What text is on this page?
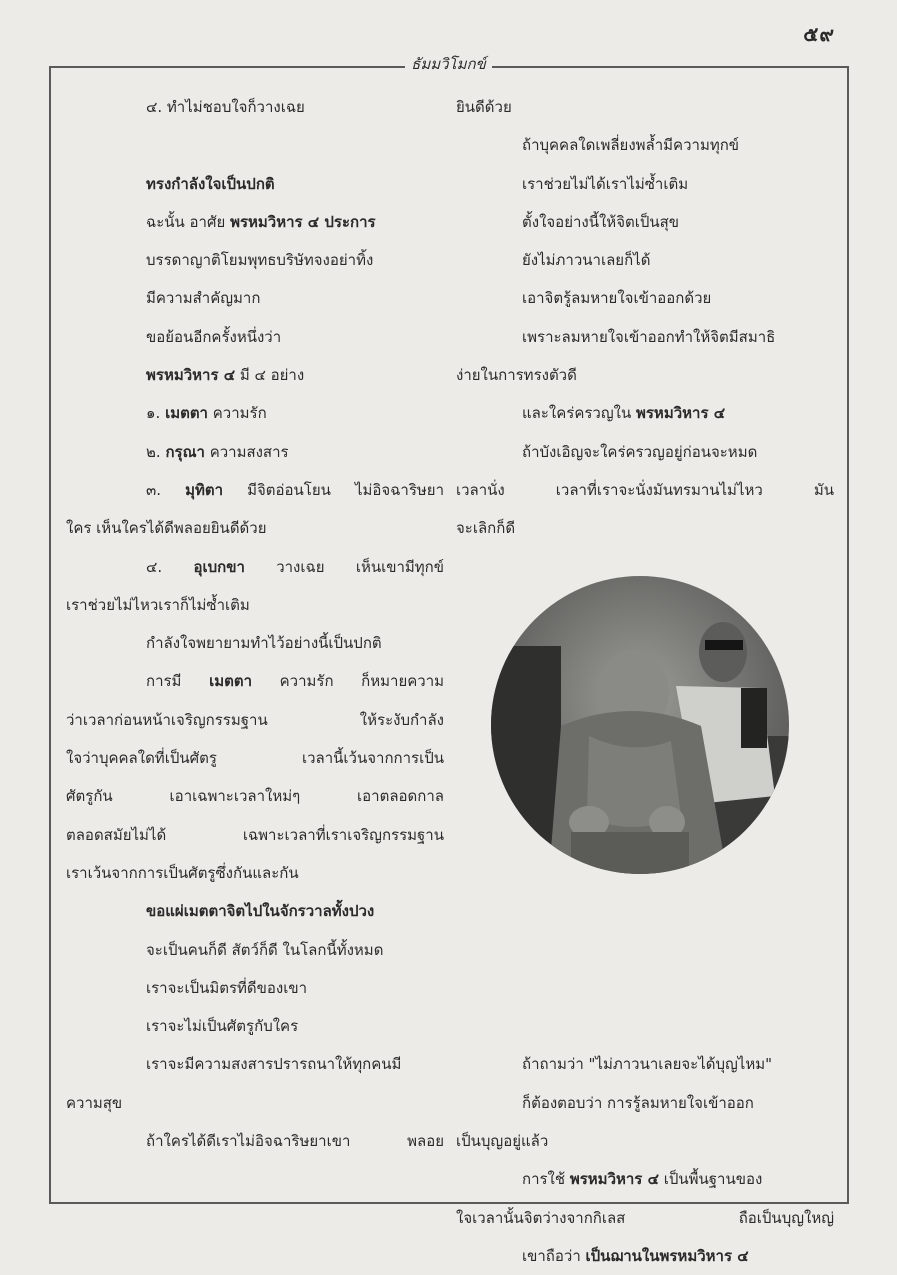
๕๙
ธัมมวิโมกข์
๔. ทำไม่ชอบใจก็วางเฉย
ทรงกำลังใจเป็นปกติ
ฉะนั้น อาศัย พรหมวิหาร ๔ ประการ
บรรดาญาติโยมพุทธบริษัทจงอย่าทิ้ง
มีความสำคัญมาก
ขอย้อนอีกครั้งหนึ่งว่า
พรหมวิหาร ๔ มี ๔ อย่าง
๑. เมตตา ความรัก
๒. กรุณา ความสงสาร
๓. มุทิตา มีจิตอ่อนโยน ไม่อิจฉาริษยา
ใคร เห็นใครได้ดีพลอยยินดีด้วย
๔. อุเบกขา วางเฉย เห็นเขามีทุกข์
เราช่วยไม่ไหวเราก็ไม่ซ้ำเติม
กำลังใจพยายามทำไว้อย่างนี้เป็นปกติ
การมี เมตตา ความรัก ก็หมายความ
ว่าเวลาก่อนหน้าเจริญกรรมฐาน ให้ระงับกำลัง
ใจว่าบุคคลใดที่เป็นศัตรู เวลานี้เว้นจากการเป็น
ศัตรูกัน เอาเฉพาะเวลาใหม่ๆ เอาตลอดกาล
ตลอดสมัยไม่ได้ เฉพาะเวลาที่เราเจริญกรรมฐาน
เราเว้นจากการเป็นศัตรูซึ่งกันและกัน
ขอแผ่เมตตาจิตไปในจักรวาลทั้งปวง
จะเป็นคนก็ดี สัตว์ก็ดี ในโลกนี้ทั้งหมด
เราจะเป็นมิตรที่ดีของเขา
เราจะไม่เป็นศัตรูกับใคร
เราจะมีความสงสารปรารถนาให้ทุกคนมี
ความสุข
ถ้าใครได้ดีเราไม่อิจฉาริษยาเขา พลอย
ยินดีด้วย
ถ้าบุคคลใดเพลี่ยงพล้ำมีความทุกข์
เราช่วยไม่ได้เราไม่ซ้ำเติม
ตั้งใจอย่างนี้ให้จิตเป็นสุข
ยังไม่ภาวนาเลยก็ได้
เอาจิตรู้ลมหายใจเข้าออกด้วย
เพราะลมหายใจเข้าออกทำให้จิตมีสมาธิ
ง่ายในการทรงตัวดี
และใคร่ครวญใน พรหมวิหาร ๔
ถ้าบังเอิญจะใคร่ครวญอยู่ก่อนจะหมด
เวลานั่ง เวลาที่เราจะนั่งมันทรมานไม่ไหว มัน
จะเลิกก็ดี
ถ้าถามว่า "ไม่ภาวนาเลยจะได้บุญไหม"
ก็ต้องตอบว่า การรู้ลมหายใจเข้าออก
เป็นบุญอยู่แล้ว
การใช้ พรหมวิหาร ๔ เป็นพื้นฐานของ
ใจเวลานั้นจิตว่างจากกิเลส ถือเป็นบุญใหญ่
เขาถือว่า เป็นฌานในพรหมวิหาร ๔
